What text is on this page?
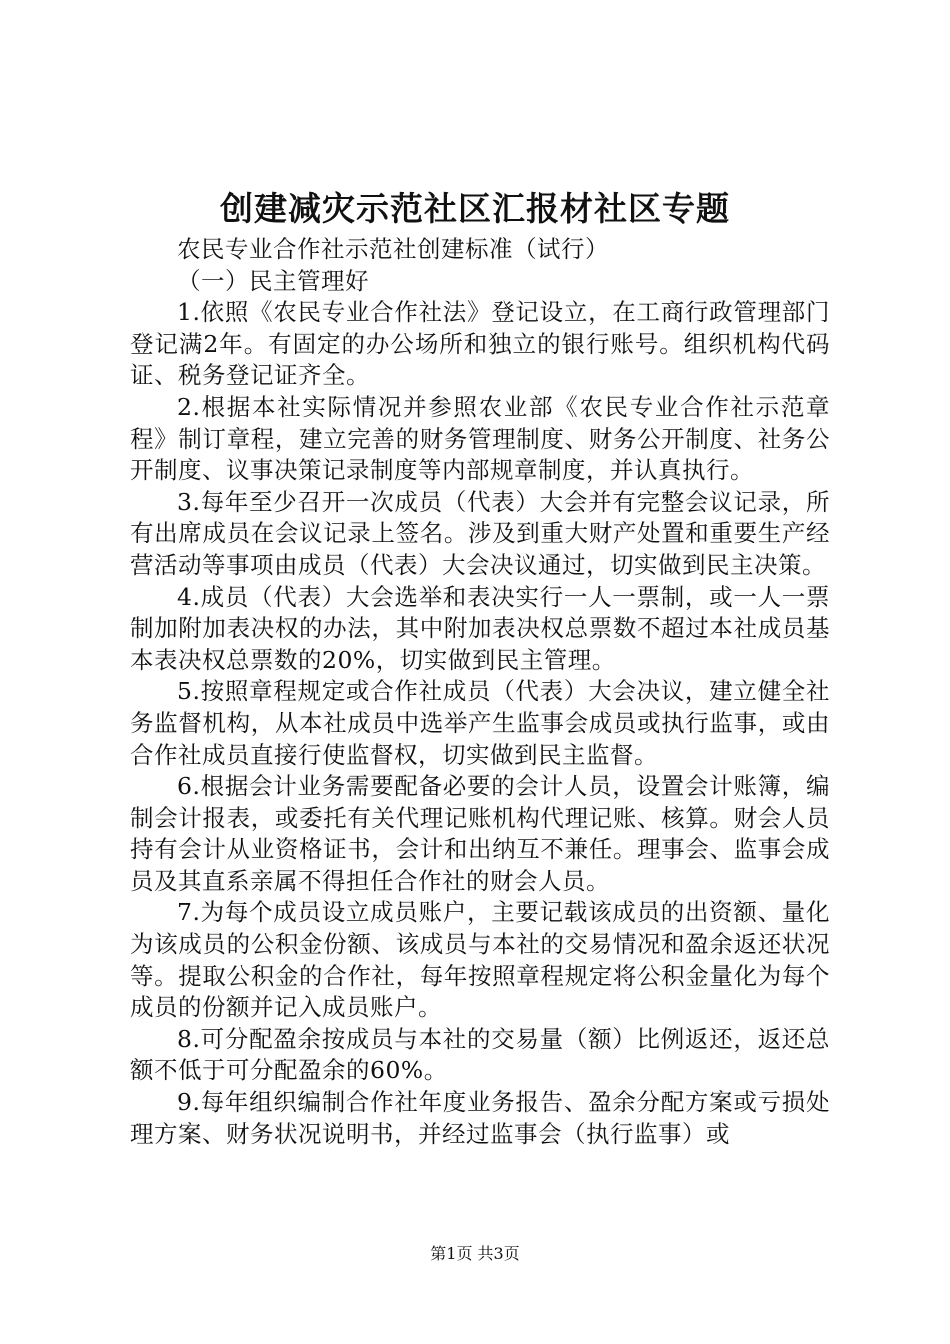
创建减灾示范社区汇报材社区专题

农民专业合作社示范社创建标准（试行）

（一）民主管理好

1.依照《农民专业合作社法》登记设立，在工商行政管理部门登记满2年。有固定的办公场所和独立的银行账号。组织机构代码证、税务登记证齐全。

2.根据本社实际情况并参照农业部《农民专业合作社示范章程》制订章程，建立完善的财务管理制度、财务公开制度、社务公开制度、议事决策记录制度等内部规章制度，并认真执行。

3.每年至少召开一次成员（代表）大会并有完整会议记录，所有出席成员在会议记录上签名。涉及到重大财产处置和重要生产经营活动等事项由成员（代表）大会决议通过，切实做到民主决策。

4.成员（代表）大会选举和表决实行一人一票制，或一人一票制加附加表决权的办法，其中附加表决权总票数不超过本社成员基本表决权总票数的20%，切实做到民主管理。

5.按照章程规定或合作社成员（代表）大会决议，建立健全社务监督机构，从本社成员中选举产生监事会成员或执行监事，或由合作社成员直接行使监督权，切实做到民主监督。

6.根据会计业务需要配备必要的会计人员，设置会计账簿，编制会计报表，或委托有关代理记账机构代理记账、核算。财会人员持有会计从业资格证书，会计和出纳互不兼任。理事会、监事会成员及其直系亲属不得担任合作社的财会人员。

7.为每个成员设立成员账户，主要记载该成员的出资额、量化为该成员的公积金份额、该成员与本社的交易情况和盈余返还状况等。提取公积金的合作社，每年按照章程规定将公积金量化为每个成员的份额并记入成员账户。

8.可分配盈余按成员与本社的交易量（额）比例返还，返还总额不低于可分配盈余的60%。

9.每年组织编制合作社年度业务报告、盈余分配方案或亏损处理方案、财务状况说明书，并经过监事会（执行监事）或

第1页 共3页
